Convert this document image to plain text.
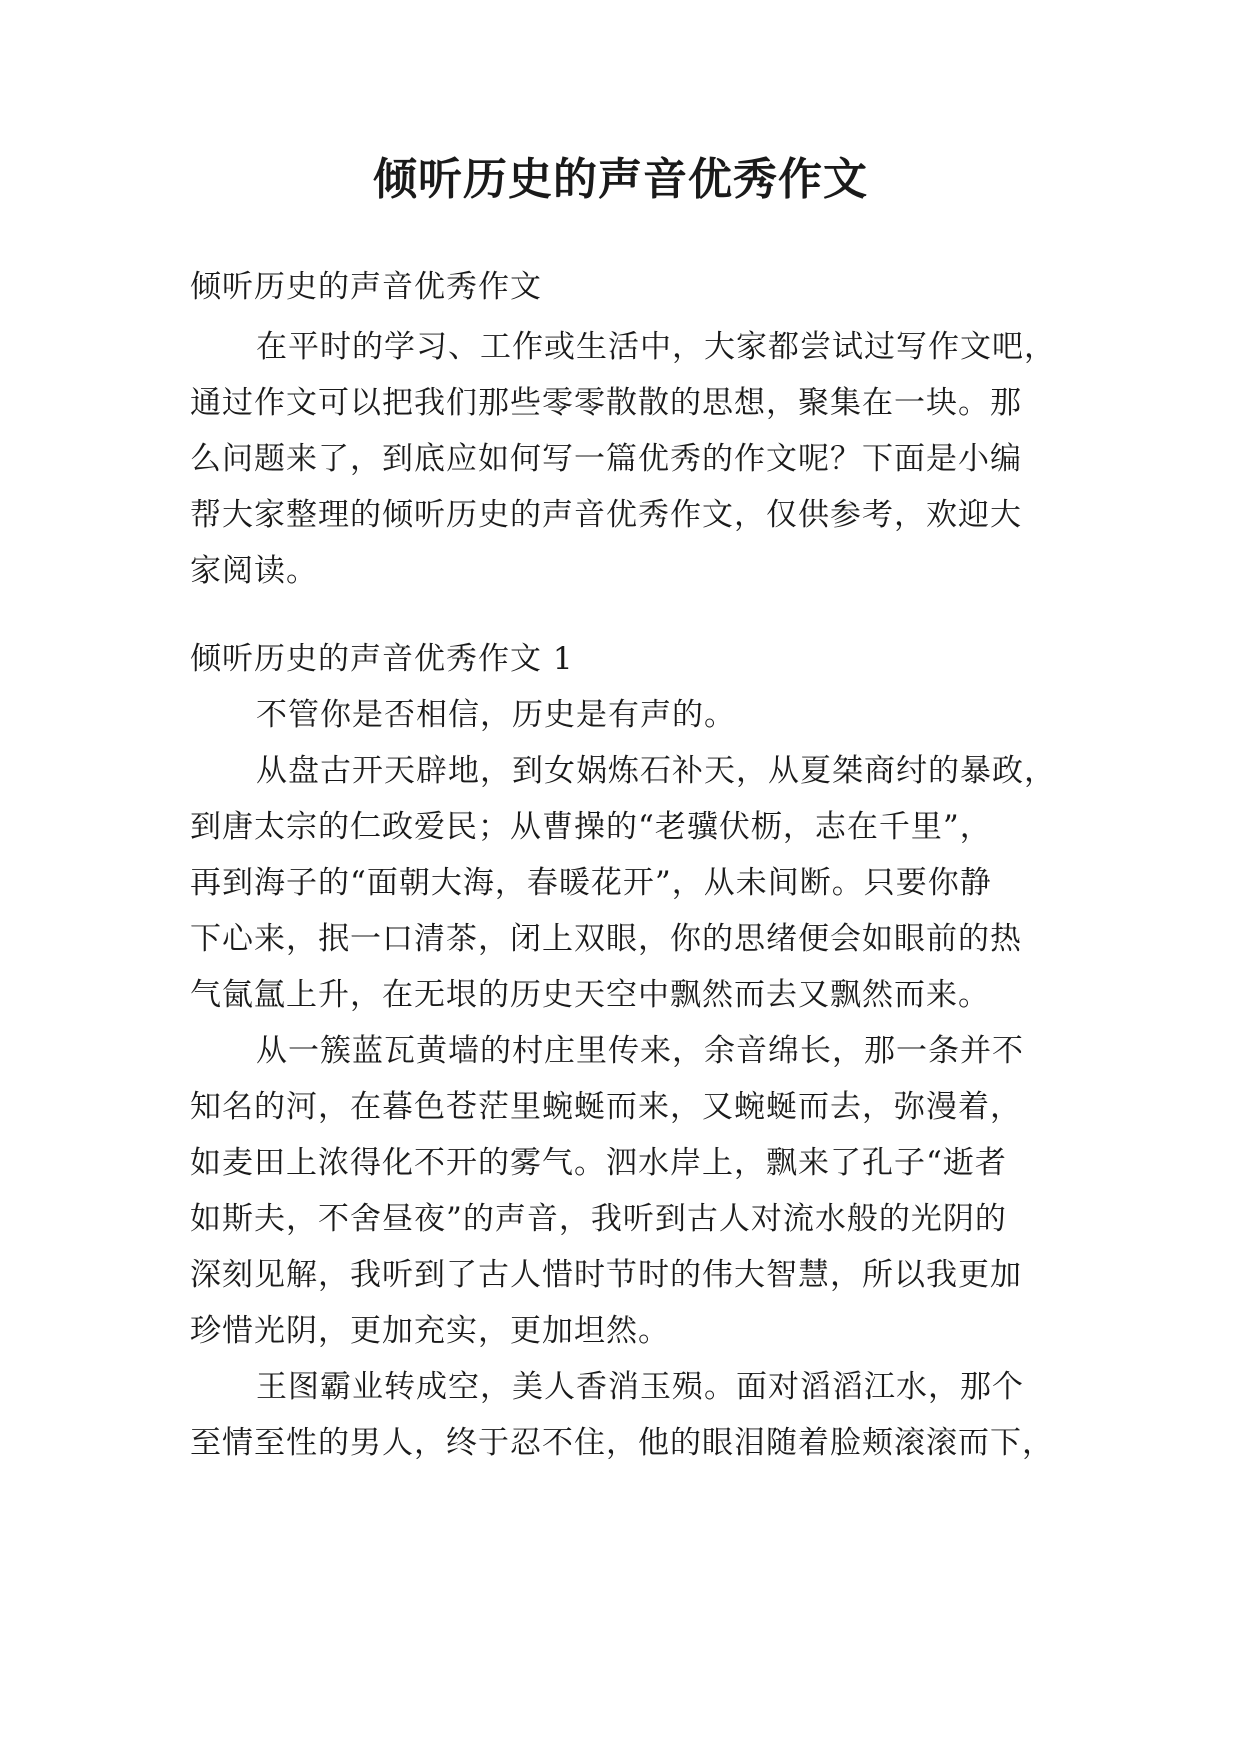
倾听历史的声音优秀作文
倾听历史的声音优秀作文
在平时的学习、工作或生活中，大家都尝试过写作文吧，
通过作文可以把我们那些零零散散的思想，聚集在一块。那
么问题来了，到底应如何写一篇优秀的作文呢？下面是小编
帮大家整理的倾听历史的声音优秀作文，仅供参考，欢迎大
家阅读。
倾听历史的声音优秀作文 1
不管你是否相信，历史是有声的。
从盘古开天辟地，到女娲炼石补天，从夏桀商纣的暴政，
到唐太宗的仁政爱民；从曹操的“老骥伏枥，志在千里”，
再到海子的“面朝大海，春暖花开”，从未间断。只要你静
下心来，抿一口清茶，闭上双眼，你的思绪便会如眼前的热
气氤氲上升，在无垠的历史天空中飘然而去又飘然而来。
从一簇蓝瓦黄墙的村庄里传来，余音绵长，那一条并不
知名的河，在暮色苍茫里蜿蜒而来，又蜿蜒而去，弥漫着，
如麦田上浓得化不开的雾气。泗水岸上，飘来了孔子“逝者
如斯夫，不舍昼夜”的声音，我听到古人对流水般的光阴的
深刻见解，我听到了古人惜时节时的伟大智慧，所以我更加
珍惜光阴，更加充实，更加坦然。
王图霸业转成空，美人香消玉殒。面对滔滔江水，那个
至情至性的男人，终于忍不住，他的眼泪随着脸颊滚滚而下，
